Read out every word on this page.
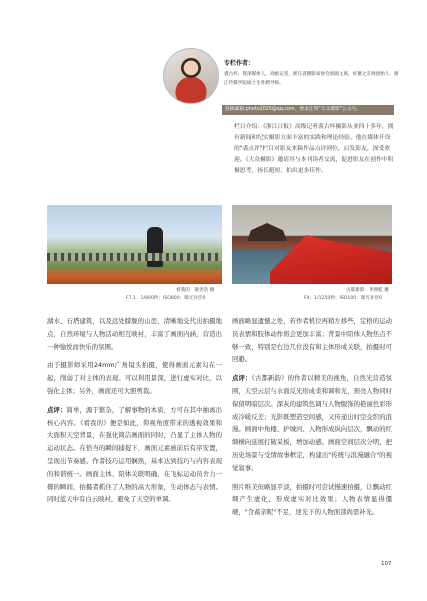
专栏作者：
裘古怀，资深媒体人，高级记者，浙江省摄影家协会原副主席，好摄之友网创始人，浙江传媒学院硕士生外聘导师。
投稿邮箱:photo2025@qq.com，要求注明"大众摄影"公众号。
栏目介绍：《浙江日报》高级记者裘古怀摄影从业四十多年，拥有新闻和纪实摄影方面丰富的实践和理论经验。他在媒体开设的"裘点评"栏目对影友来稿作品点评到位，启发影友，深受欢迎。《大众摄影》邀请其与本刊读者交流，促进影友在创作中积极思考，扬长避短，拍出更多佳作。
看我的　梁善浩 摄
F7.1；1/800秒；ISO800；曝光补偿0
古都新韵　李照乾 摄
F4；1/1250秒；ISO100；曝光补偿0

湖水、石塔建筑，以及远处朦胧的山峦，清晰地交代出拍摄地点，自然环境与人物活动相互映衬，丰富了画面内涵，营造出一种愉悦而快乐的氛围。

由于摄影师采用24mm广角镜头拍摄，使得画面元素勾在一起，削弱了对主体的表现。可以利用景深，进行虚实对比，以强化主体；另外，画面还可大胆剪裁。

点评：简单，源于繁杂，了解事物的本质，方可在其中抽离出核心内容。《看我的》便是如此，仰视角度带来的透视效果和大面积天空背景，在强化简洁画面的同时，凸显了主体人物的运动状态。在恰当的瞬间捕捉下，画面元素被前后有序安置，呈现出节奏感。作者技巧运用娴熟，基本达到技巧与内容表现的和谐统一。画面主体、陪体关联明确，在飞标运动员舍力一掷的瞬间，拍摄者抓住了人物的高大形象，生动体态与表情。同时蓝天中有白云映衬，避免了天空的单调。

画面略显遗憾之处，若作者机位再稍左移些，定格的运动员表情和肢体动作将会更加丰富；背景中陪体人物焦点不够一致，特别是右边几位没有和主体形成关联，拍摄时可回避。

点评：《古都新韵》的作者以精美的视角，自然光营造氛围，天空云层与水面反光形成柔和调和光，预亮人物同时保留明暗层次。深灰的建筑色调与人物服饰的艳丽色彩形成冷暖反差；光影既塑造空间感，又传递出时空交织的浪漫。画面中角楼、护城河、人物形成纵向层次，飘动的红绸横向延展打破呆板，增加动感。画面空间层次分明，把历史场景与受情故事框定，构建出"传统与浪漫融合"的视觉叙事。

照片唯美但略显平淡，拍摄时可尝试慢速拍摄，让飘动红绸产生虚化，形成虚实对比效果；人物表情显得僵硬，"含蓄亲昵"不足，逆光下的人物面部尚需补光。

107
